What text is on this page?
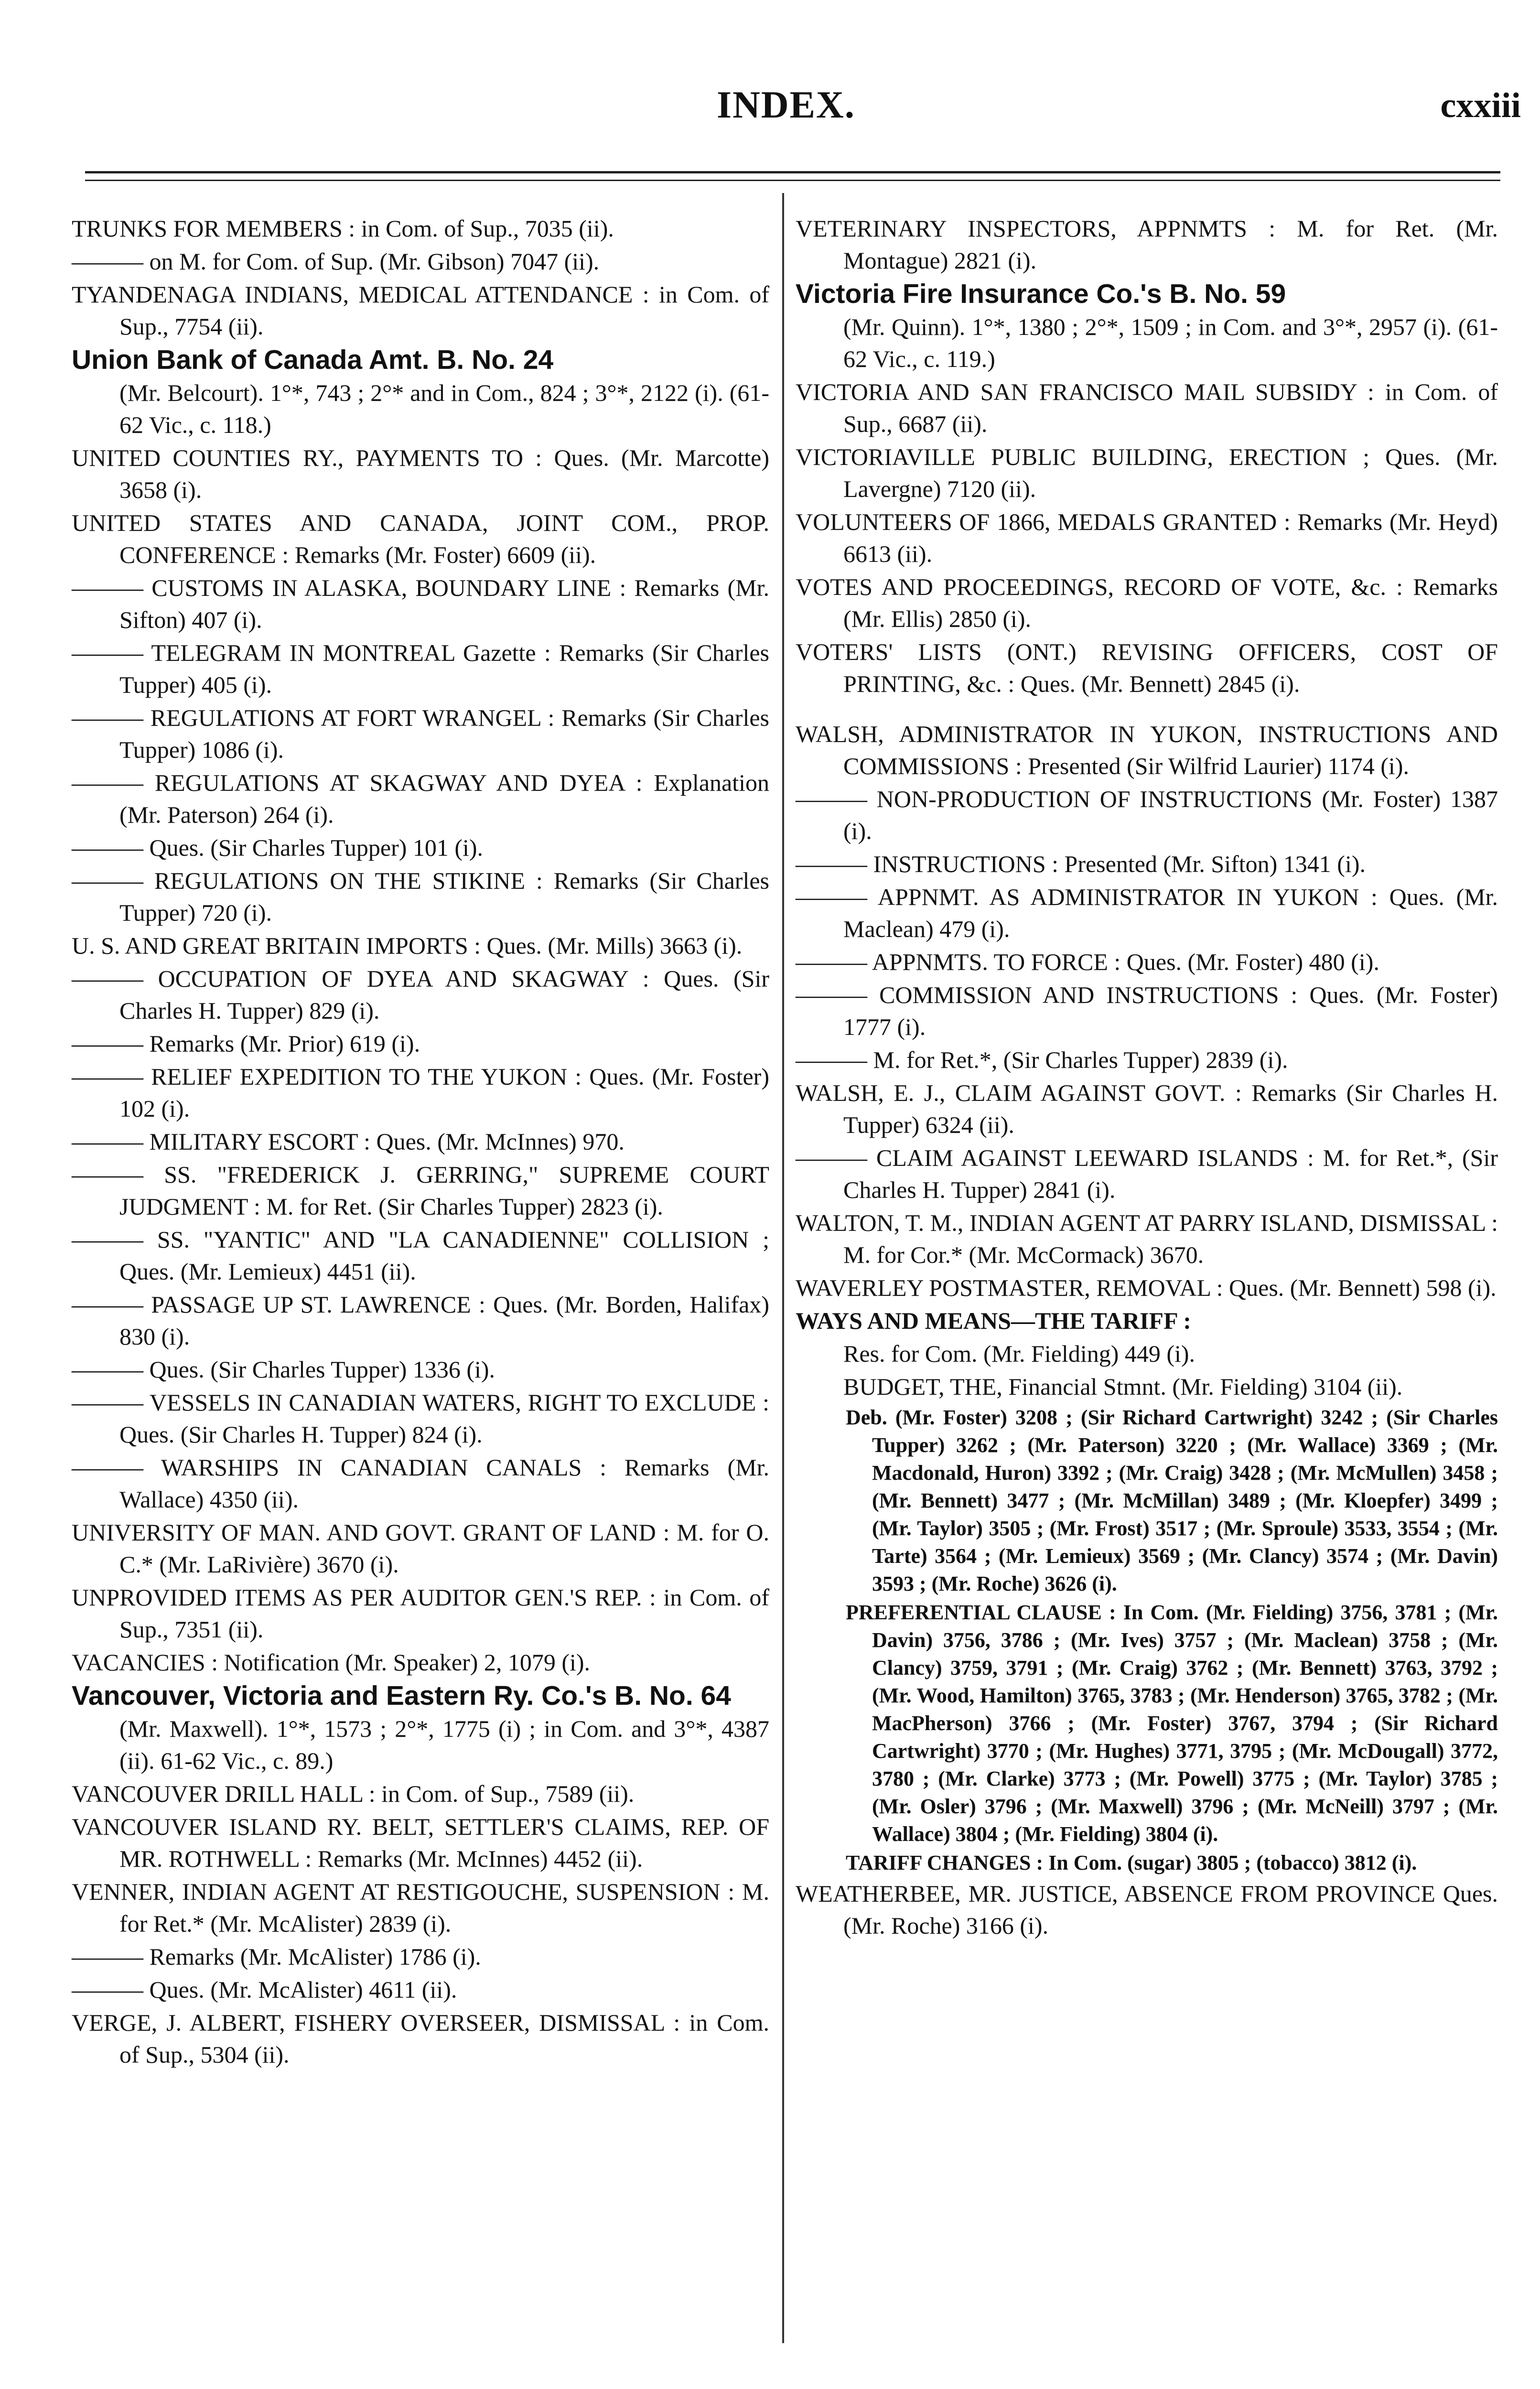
INDEX.	cxxiii

TRUNKS FOR MEMBERS : in Com. of Sup., 7035 (ii).

——— on M. for Com. of Sup. (Mr. Gibson) 7047 (ii).

TYANDENAGA INDIANS, MEDICAL ATTENDANCE : in Com. of Sup., 7754 (ii).

Union Bank of Canada Amt. B. No. 24

(Mr. Belcourt). 1°*, 743 ; 2°* and in Com., 824 ; 3°*, 2122 (i). (61-62 Vic., c. 118.)

UNITED COUNTIES RY., PAYMENTS TO : Ques. (Mr. Marcotte) 3658 (i).

UNITED STATES AND CANADA, JOINT COM., PROP. CONFERENCE : Remarks (Mr. Foster) 6609 (ii).

——— CUSTOMS IN ALASKA, BOUNDARY LINE : Remarks (Mr. Sifton) 407 (i).

——— TELEGRAM IN MONTREAL Gazette : Remarks (Sir Charles Tupper) 405 (i).

——— REGULATIONS AT FORT WRANGEL : Remarks (Sir Charles Tupper) 1086 (i).

——— REGULATIONS AT SKAGWAY AND DYEA : Explanation (Mr. Paterson) 264 (i).

——— Ques. (Sir Charles Tupper) 101 (i).

——— REGULATIONS ON THE STIKINE : Remarks (Sir Charles Tupper) 720 (i).

U. S. AND GREAT BRITAIN IMPORTS : Ques. (Mr. Mills) 3663 (i).

——— OCCUPATION OF DYEA AND SKAGWAY : Ques. (Sir Charles H. Tupper) 829 (i).

——— Remarks (Mr. Prior) 619 (i).

——— RELIEF EXPEDITION TO THE YUKON : Ques. (Mr. Foster) 102 (i).

——— MILITARY ESCORT : Ques. (Mr. McInnes) 970.

——— SS. "FREDERICK J. GERRING," SUPREME COURT JUDGMENT : M. for Ret. (Sir Charles Tupper) 2823 (i).

——— SS. "YANTIC" AND "LA CANADIENNE" COLLISION ; Ques. (Mr. Lemieux) 4451 (ii).

——— PASSAGE UP ST. LAWRENCE : Ques. (Mr. Borden, Halifax) 830 (i).

——— Ques. (Sir Charles Tupper) 1336 (i).

——— VESSELS IN CANADIAN WATERS, RIGHT TO EXCLUDE : Ques. (Sir Charles H. Tupper) 824 (i).

——— WARSHIPS IN CANADIAN CANALS : Remarks (Mr. Wallace) 4350 (ii).

UNIVERSITY OF MAN. AND GOVT. GRANT OF LAND : M. for O. C.* (Mr. LaRivière) 3670 (i).

UNPROVIDED ITEMS AS PER AUDITOR GEN.'S REP. : in Com. of Sup., 7351 (ii).

VACANCIES : Notification (Mr. Speaker) 2, 1079 (i).

Vancouver, Victoria and Eastern Ry. Co.'s B. No. 64

(Mr. Maxwell). 1°*, 1573 ; 2°*, 1775 (i) ; in Com. and 3°*, 4387 (ii). 61-62 Vic., c. 89.)

VANCOUVER DRILL HALL : in Com. of Sup., 7589 (ii).

VANCOUVER ISLAND RY. BELT, SETTLER'S CLAIMS, REP. OF MR. ROTHWELL : Remarks (Mr. McInnes) 4452 (ii).

VENNER, INDIAN AGENT AT RESTIGOUCHE, SUSPENSION : M. for Ret.* (Mr. McAlister) 2839 (i).

——— Remarks (Mr. McAlister) 1786 (i).

——— Ques. (Mr. McAlister) 4611 (ii).

VERGE, J. ALBERT, FISHERY OVERSEER, DISMISSAL : in Com. of Sup., 5304 (ii).

VETERINARY INSPECTORS, APPNMTS : M. for Ret. (Mr. Montague) 2821 (i).

Victoria Fire Insurance Co.'s B. No. 59

(Mr. Quinn). 1°*, 1380 ; 2°*, 1509 ; in Com. and 3°*, 2957 (i). (61-62 Vic., c. 119.)

VICTORIA AND SAN FRANCISCO MAIL SUBSIDY : in Com. of Sup., 6687 (ii).

VICTORIAVILLE PUBLIC BUILDING, ERECTION ; Ques. (Mr. Lavergne) 7120 (ii).

VOLUNTEERS OF 1866, MEDALS GRANTED : Remarks (Mr. Heyd) 6613 (ii).

VOTES AND PROCEEDINGS, RECORD OF VOTE, &c. : Remarks (Mr. Ellis) 2850 (i).

VOTERS' LISTS (ONT.) REVISING OFFICERS, COST OF PRINTING, &c. : Ques. (Mr. Bennett) 2845 (i).

WALSH, ADMINISTRATOR IN YUKON, INSTRUCTIONS AND COMMISSIONS : Presented (Sir Wilfrid Laurier) 1174 (i).

——— NON-PRODUCTION OF INSTRUCTIONS (Mr. Foster) 1387 (i).

——— INSTRUCTIONS : Presented (Mr. Sifton) 1341 (i).

——— APPNMT. AS ADMINISTRATOR IN YUKON : Ques. (Mr. Maclean) 479 (i).

——— APPNMTS. TO FORCE : Ques. (Mr. Foster) 480 (i).

——— COMMISSION AND INSTRUCTIONS : Ques. (Mr. Foster) 1777 (i).

——— M. for Ret.*, (Sir Charles Tupper) 2839 (i).

WALSH, E. J., CLAIM AGAINST GOVT. : Remarks (Sir Charles H. Tupper) 6324 (ii).

——— CLAIM AGAINST LEEWARD ISLANDS : M. for Ret.*, (Sir Charles H. Tupper) 2841 (i).

WALTON, T. M., INDIAN AGENT AT PARRY ISLAND, DISMISSAL : M. for Cor.* (Mr. McCormack) 3670.

WAVERLEY POSTMASTER, REMOVAL : Ques. (Mr. Bennett) 598 (i).

WAYS AND MEANS—THE TARIFF :

Res. for Com. (Mr. Fielding) 449 (i).

BUDGET, THE, Financial Stmnt. (Mr. Fielding) 3104 (ii).

Deb. (Mr. Foster) 3208 ; (Sir Richard Cartwright) 3242 ; (Sir Charles Tupper) 3262 ; (Mr. Paterson) 3220 ; (Mr. Wallace) 3369 ; (Mr. Macdonald, Huron) 3392 ; (Mr. Craig) 3428 ; (Mr. McMullen) 3458 ; (Mr. Bennett) 3477 ; (Mr. McMillan) 3489 ; (Mr. Kloepfer) 3499 ; (Mr. Taylor) 3505 ; (Mr. Frost) 3517 ; (Mr. Sproule) 3533, 3554 ; (Mr. Tarte) 3564 ; (Mr. Lemieux) 3569 ; (Mr. Clancy) 3574 ; (Mr. Davin) 3593 ; (Mr. Roche) 3626 (i).

PREFERENTIAL CLAUSE : In Com. (Mr. Fielding) 3756, 3781 ; (Mr. Davin) 3756, 3786 ; (Mr. Ives) 3757 ; (Mr. Maclean) 3758 ; (Mr. Clancy) 3759, 3791 ; (Mr. Craig) 3762 ; (Mr. Bennett) 3763, 3792 ; (Mr. Wood, Hamilton) 3765, 3783 ; (Mr. Henderson) 3765, 3782 ; (Mr. MacPherson) 3766 ; (Mr. Foster) 3767, 3794 ; (Sir Richard Cartwright) 3770 ; (Mr. Hughes) 3771, 3795 ; (Mr. McDougall) 3772, 3780 ; (Mr. Clarke) 3773 ; (Mr. Powell) 3775 ; (Mr. Taylor) 3785 ; (Mr. Osler) 3796 ; (Mr. Maxwell) 3796 ; (Mr. McNeill) 3797 ; (Mr. Wallace) 3804 ; (Mr. Fielding) 3804 (i).

TARIFF CHANGES : In Com. (sugar) 3805 ; (tobacco) 3812 (i).

WEATHERBEE, MR. JUSTICE, ABSENCE FROM PROVINCE Ques. (Mr. Roche) 3166 (i).
